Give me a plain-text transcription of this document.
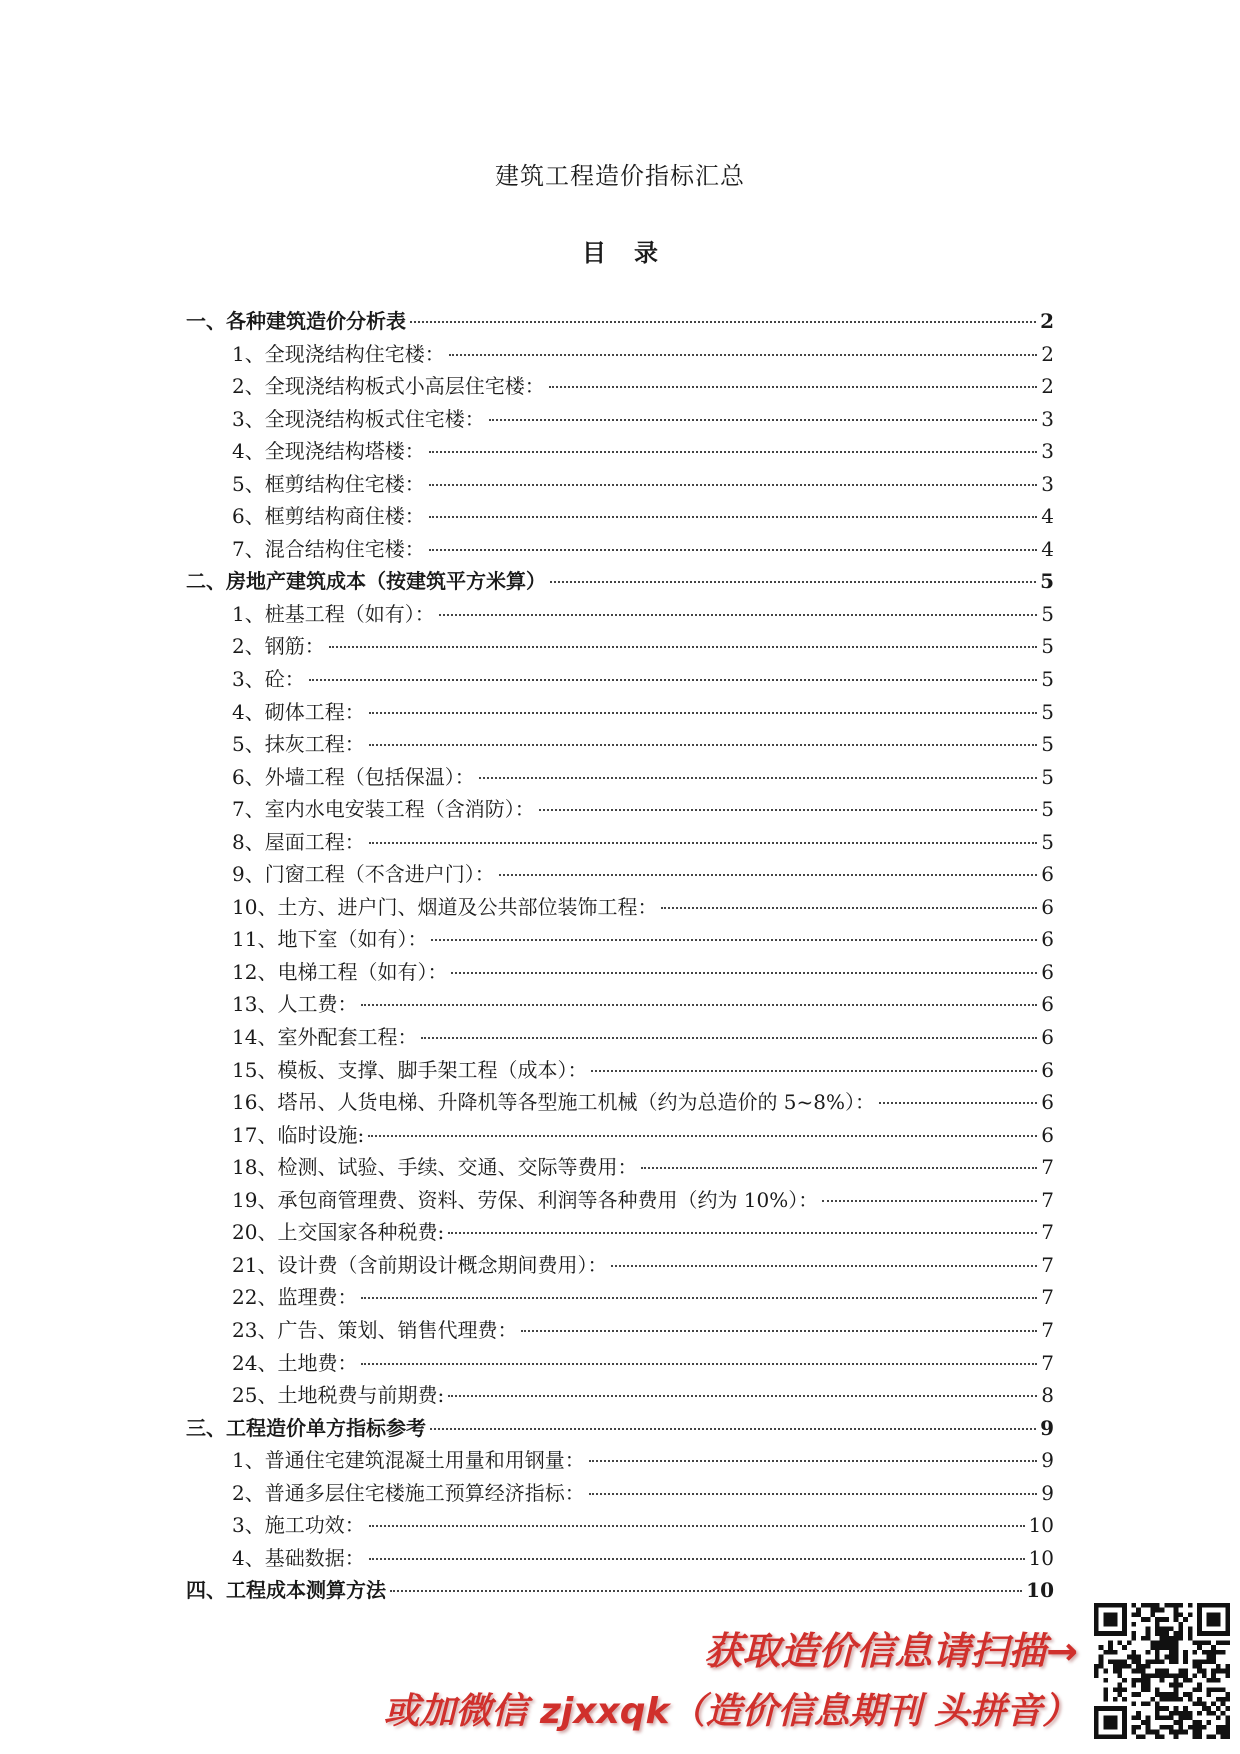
建筑工程造价指标汇总
目 录
一、各种建筑造价分析表	2
1、全现浇结构住宅楼：	2
2、全现浇结构板式小高层住宅楼：	2
3、全现浇结构板式住宅楼：	3
4、全现浇结构塔楼：	3
5、框剪结构住宅楼：	3
6、框剪结构商住楼：	4
7、混合结构住宅楼：	4
二、房地产建筑成本（按建筑平方米算）	5
1、桩基工程（如有）：	5
2、钢筋：	5
3、砼：	5
4、砌体工程：	5
5、抹灰工程：	5
6、外墙工程（包括保温）：	5
7、室内水电安装工程（含消防）：	5
8、屋面工程：	5
9、门窗工程（不含进户门）：	6
10、土方、进户门、烟道及公共部位装饰工程：	6
11、地下室（如有）：	6
12、电梯工程（如有）：	6
13、人工费：	6
14、室外配套工程：	6
15、模板、支撑、脚手架工程（成本）：	6
16、塔吊、人货电梯、升降机等各型施工机械（约为总造价的 5~8%）：	6
17、临时设施:	6
18、检测、试验、手续、交通、交际等费用：	7
19、承包商管理费、资料、劳保、利润等各种费用（约为 10%）：	7
20、上交国家各种税费:	7
21、设计费（含前期设计概念期间费用）：	7
22、监理费：	7
23、广告、策划、销售代理费：	7
24、土地费：	7
25、土地税费与前期费:	8
三、工程造价单方指标参考	9
1、普通住宅建筑混凝土用量和用钢量：	9
2、普通多层住宅楼施工预算经济指标：	9
3、施工功效：	10
4、基础数据：	10
四、工程成本测算方法	10
获取造价信息请扫描→
或加微信 zjxxqk（造价信息期刊 头拼音）
